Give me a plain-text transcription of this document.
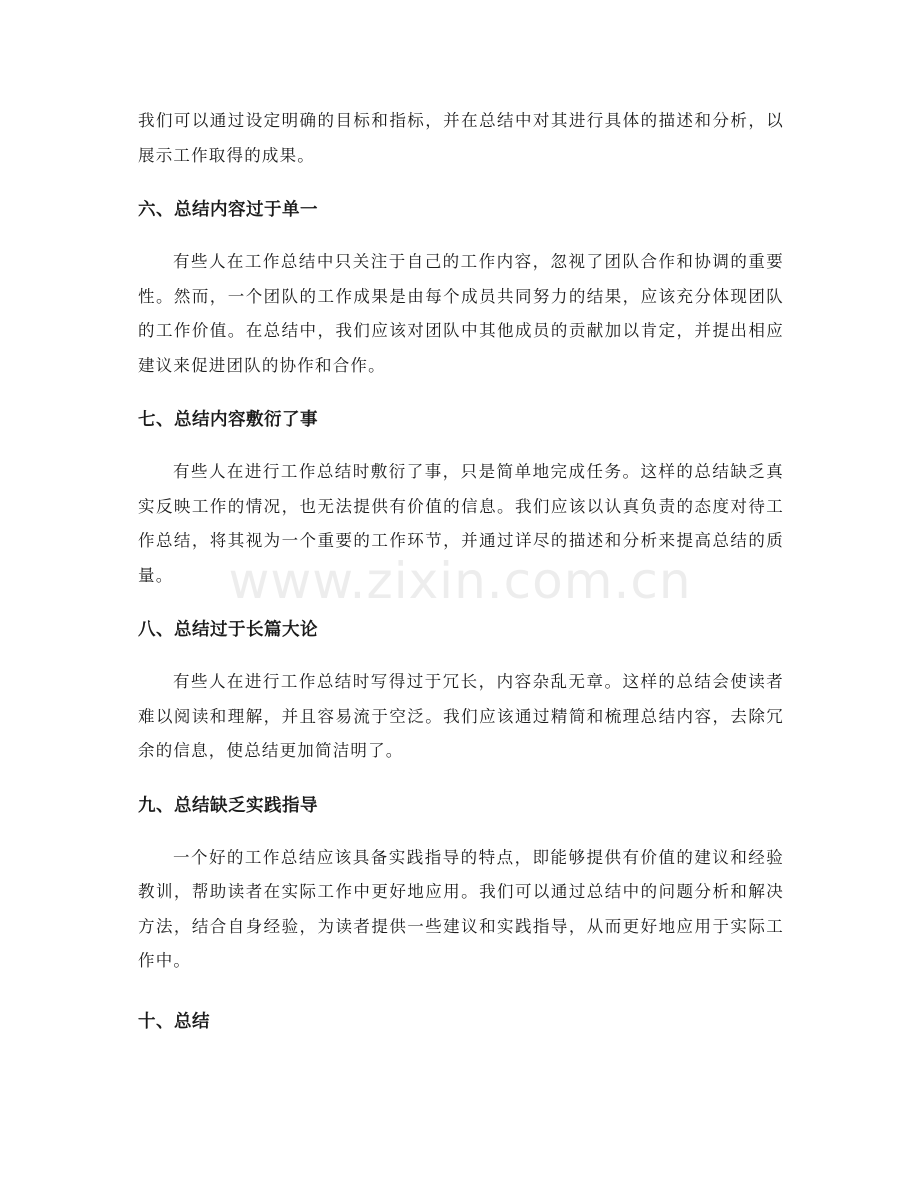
我们可以通过设定明确的目标和指标，并在总结中对其进行具体的描述和分析，以展示工作取得的成果。

六、总结内容过于单一

有些人在工作总结中只关注于自己的工作内容，忽视了团队合作和协调的重要性。然而，一个团队的工作成果是由每个成员共同努力的结果，应该充分体现团队的工作价值。在总结中，我们应该对团队中其他成员的贡献加以肯定，并提出相应建议来促进团队的协作和合作。

七、总结内容敷衍了事

有些人在进行工作总结时敷衍了事，只是简单地完成任务。这样的总结缺乏真实反映工作的情况，也无法提供有价值的信息。我们应该以认真负责的态度对待工作总结，将其视为一个重要的工作环节，并通过详尽的描述和分析来提高总结的质量。

八、总结过于长篇大论

有些人在进行工作总结时写得过于冗长，内容杂乱无章。这样的总结会使读者难以阅读和理解，并且容易流于空泛。我们应该通过精简和梳理总结内容，去除冗余的信息，使总结更加简洁明了。

九、总结缺乏实践指导

一个好的工作总结应该具备实践指导的特点，即能够提供有价值的建议和经验教训，帮助读者在实际工作中更好地应用。我们可以通过总结中的问题分析和解决方法，结合自身经验，为读者提供一些建议和实践指导，从而更好地应用于实际工作中。

十、总结
www.zixin.com.cn
